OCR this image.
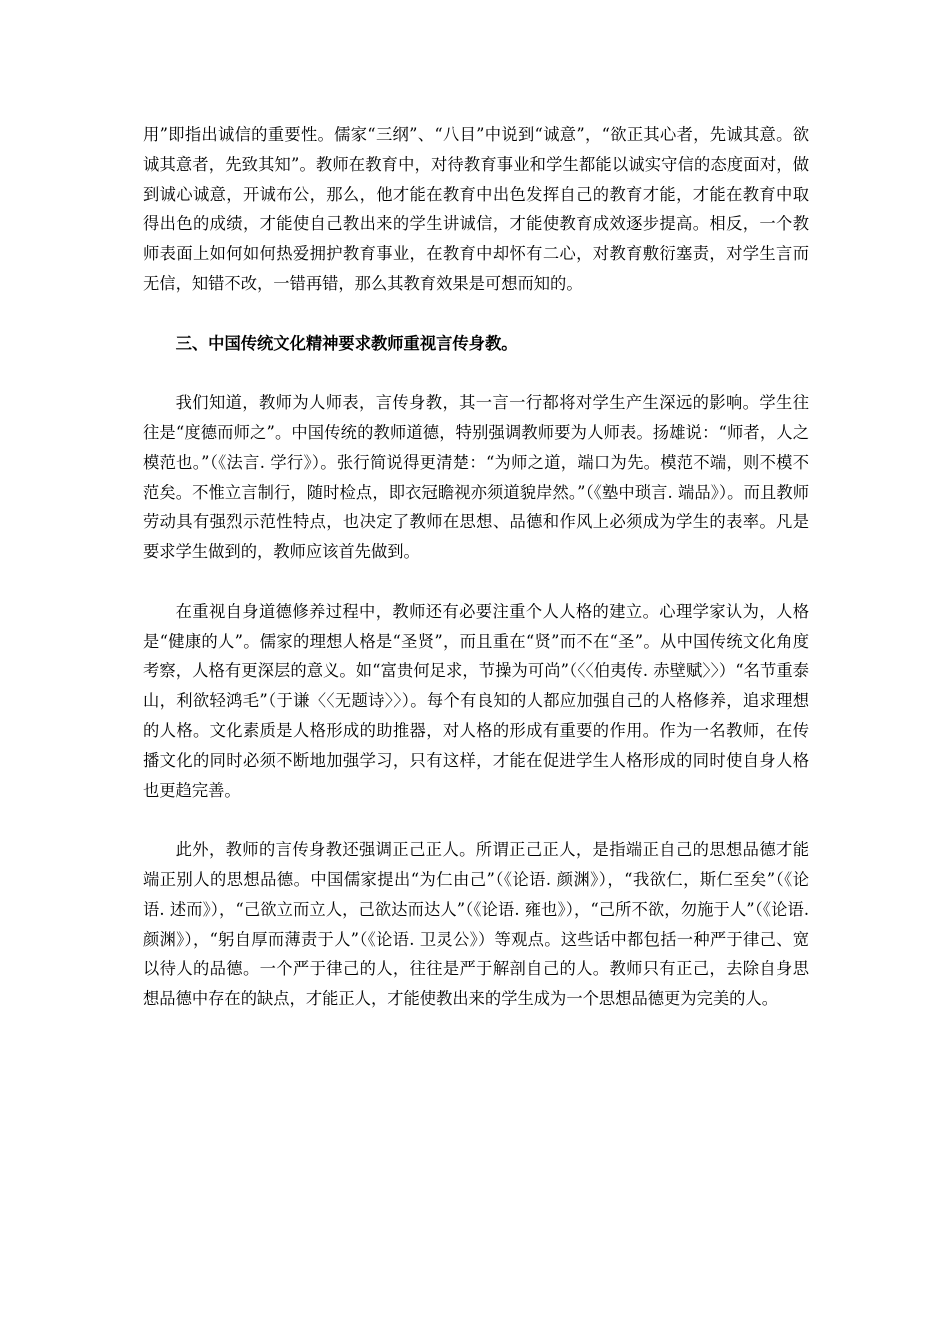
用”即指出诚信的重要性。儒家“三纲”、“八目”中说到“诚意”，“欲正其心者，先诚其意。欲诚其意者，先致其知”。教师在教育中，对待教育事业和学生都能以诚实守信的态度面对，做到诚心诚意，开诚布公，那么，他才能在教育中出色发挥自己的教育才能，才能在教育中取得出色的成绩，才能使自己教出来的学生讲诚信，才能使教育成效逐步提高。相反，一个教师表面上如何如何热爱拥护教育事业，在教育中却怀有二心，对教育敷衍塞责，对学生言而无信，知错不改，一错再错，那么其教育效果是可想而知的。

三、中国传统文化精神要求教师重视言传身教。

我们知道，教师为人师表，言传身教，其一言一行都将对学生产生深远的影响。学生往往是“度德而师之”。中国传统的教师道德，特别强调教师要为人师表。扬雄说：“师者，人之模范也。”（《法言. 学行》）。张行简说得更清楚：“为师之道，端口为先。模范不端，则不模不范矣。不惟立言制行，随时检点，即衣冠瞻视亦须道貌岸然。”（《塾中琐言. 端品》）。而且教师劳动具有强烈示范性特点，也决定了教师在思想、品德和作风上必须成为学生的表率。凡是要求学生做到的，教师应该首先做到。

在重视自身道德修养过程中，教师还有必要注重个人人格的建立。心理学家认为，人格是“健康的人”。儒家的理想人格是“圣贤”，而且重在“贤”而不在“圣”。从中国传统文化角度考察，人格有更深层的意义。如“富贵何足求，节操为可尚”（〈〈伯夷传. 赤壁赋〉〉）“名节重泰山，利欲轻鸿毛”（于谦〈〈无题诗〉〉）。每个有良知的人都应加强自己的人格修养，追求理想的人格。文化素质是人格形成的助推器，对人格的形成有重要的作用。作为一名教师，在传播文化的同时必须不断地加强学习，只有这样，才能在促进学生人格形成的同时使自身人格也更趋完善。

此外，教师的言传身教还强调正己正人。所谓正己正人，是指端正自己的思想品德才能端正别人的思想品德。中国儒家提出“为仁由己”（《论语. 颜渊》），“我欲仁，斯仁至矣”（《论语. 述而》），“己欲立而立人，己欲达而达人”（《论语. 雍也》），“己所不欲，勿施于人”（《论语. 颜渊》），“躬自厚而薄责于人”（《论语. 卫灵公》）等观点。这些话中都包括一种严于律己、宽以待人的品德。一个严于律己的人，往往是严于解剖自己的人。教师只有正己，去除自身思想品德中存在的缺点，才能正人，才能使教出来的学生成为一个思想品德更为完美的人。
